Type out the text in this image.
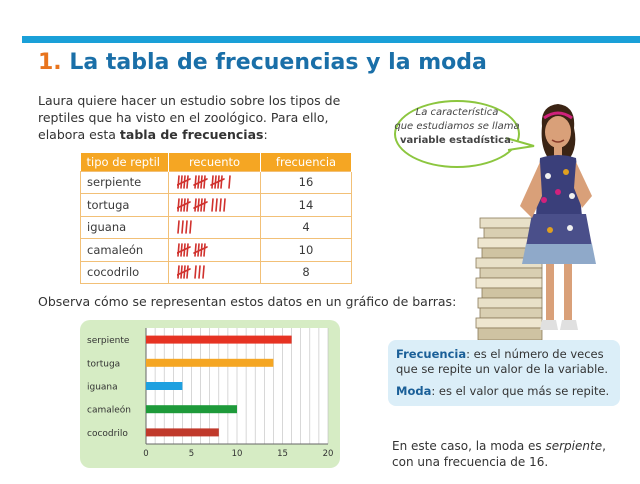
1. La tabla de frecuencias y la moda

Laura quiere hacer un estudio sobre los tipos de reptiles que ha visto en el zoológico. Para ello, elabora esta tabla de frecuencias:

tipo de reptil	recuento	frecuencia
serpiente		16
tortuga		14
iguana		4
camaleón		10
cocodrilo		8

Observa cómo se representan estos datos en un gráfico de barras:

serpiente
tortuga
iguana
camaleón
cocodrilo
0	5	10	15	20

La característica
que estudiamos se llama
variable estadística.

Frecuencia: es el número de veces que se repite un valor de la variable.

Moda: es el valor que más se repite.

En este caso, la moda es serpiente, con una frecuencia de 16.
